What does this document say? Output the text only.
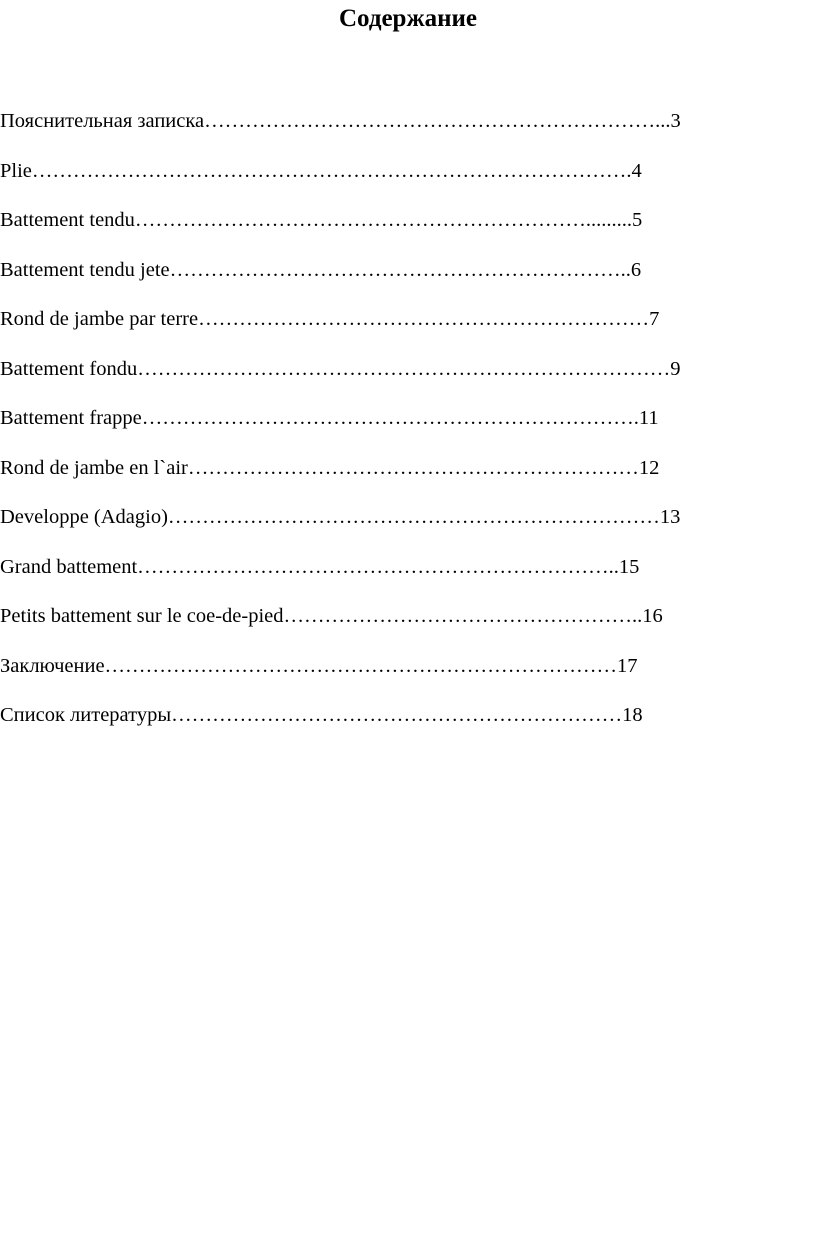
Содержание
Пояснительная записка…………………………………………………………...3
Plie…………………………………………………………………………….4
Battement tendu………………………………………………………….........5
Battement tendu jete…………………………………………………………..6
Rond de jambe par terre…………………………………………………………7
Battement fondu……………………………………………………………………9
Battement frappe……………………………………………………………….11
Rond de jambe en l`air…………………………………………………………12
Developpe (Adagio)………………………………………………………………13
Grand battement……………………………………………………………..15
Petits battement sur le coe-de-pied……………………………………………..16
Заключение…………………………………………………………………17
Список литературы…………………………………………………………18
